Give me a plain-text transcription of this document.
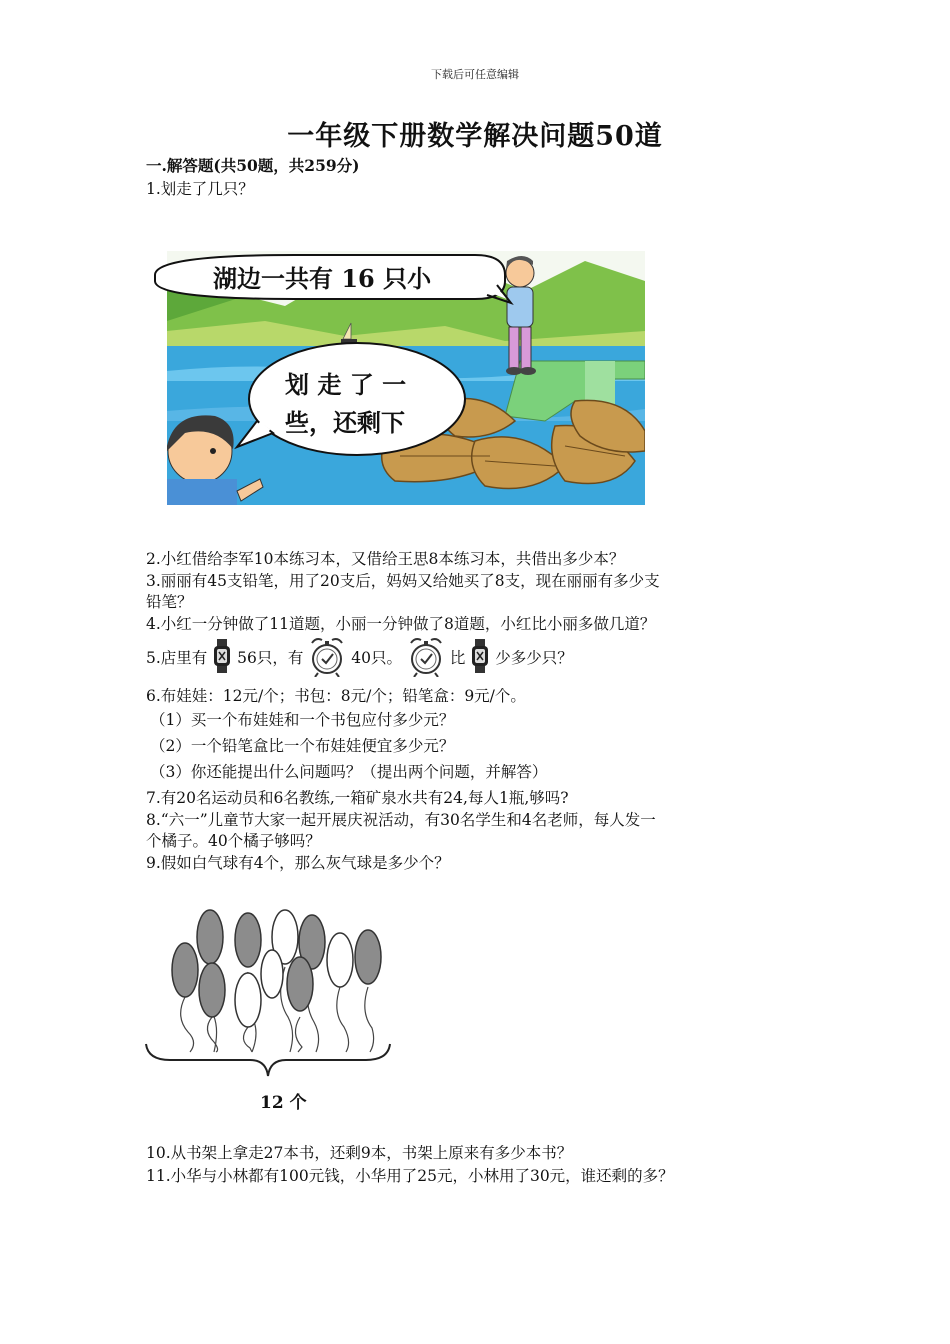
下载后可任意编辑
一年级下册数学解决问题50道
一.解答题(共50题，共259分)
1.划走了几只？
湖边一共有 16 只小
划 走 了 一
些，还剩下
2.小红借给李军10本练习本，又借给王思8本练习本，共借出多少本？
3.丽丽有45支铅笔，用了20支后，妈妈又给她买了8支，现在丽丽有多少支
铅笔？
4.小红一分钟做了11道题，小丽一分钟做了8道题，小红比小丽多做几道？
5.店里有 56只，有	40只。	比 少多少只？
6.布娃娃：12元/个；书包：8元/个；铅笔盒：9元/个。
（1）买一个布娃娃和一个书包应付多少元？
（2）一个铅笔盒比一个布娃娃便宜多少元？
（3）你还能提出什么问题吗？（提出两个问题，并解答）
7.有20名运动员和6名教练,一箱矿泉水共有24,每人1瓶,够吗?
8.“六一”儿童节大家一起开展庆祝活动，有30名学生和4名老师，每人发一
个橘子。40个橘子够吗？
9.假如白气球有4个，那么灰气球是多少个？
12 个
10.从书架上拿走27本书，还剩9本，书架上原来有多少本书？
11.小华与小林都有100元钱，小华用了25元，小林用了30元，谁还剩的多？
